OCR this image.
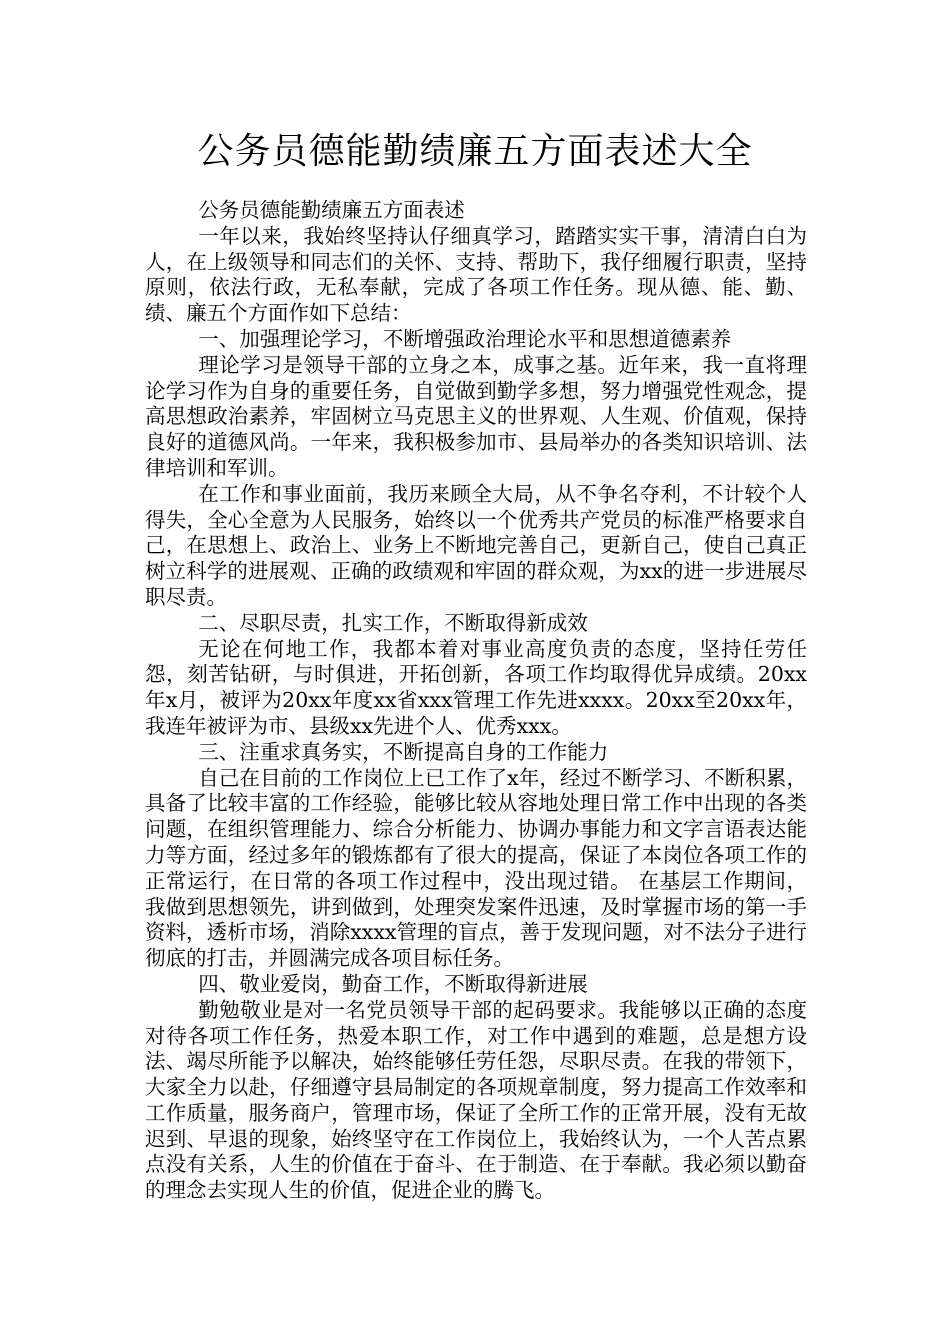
公务员德能勤绩廉五方面表述大全

公务员德能勤绩廉五方面表述

一年以来，我始终坚持认仔细真学习，踏踏实实干事，清清白白为人，在上级领导和同志们的关怀、支持、帮助下，我仔细履行职责，坚持原则，依法行政，无私奉献，完成了各项工作任务。现从德、能、勤、绩、廉五个方面作如下总结：

一、加强理论学习，不断增强政治理论水平和思想道德素养

理论学习是领导干部的立身之本，成事之基。近年来，我一直将理论学习作为自身的重要任务，自觉做到勤学多想，努力增强党性观念，提高思想政治素养，牢固树立马克思主义的世界观、人生观、价值观，保持良好的道德风尚。一年来，我积极参加市、县局举办的各类知识培训、法律培训和军训。

在工作和事业面前，我历来顾全大局，从不争名夺利，不计较个人得失，全心全意为人民服务，始终以一个优秀共产党员的标准严格要求自己，在思想上、政治上、业务上不断地完善自己，更新自己，使自己真正树立科学的进展观、正确的政绩观和牢固的群众观，为xx的进一步进展尽职尽责。

二、尽职尽责，扎实工作，不断取得新成效

无论在何地工作，我都本着对事业高度负责的态度，坚持任劳任怨，刻苦钻研，与时俱进，开拓创新，各项工作均取得优异成绩。20xx年x月，被评为20xx年度xx省xxx管理工作先进xxxx。20xx至20xx年，我连年被评为市、县级xx先进个人、优秀xxx。

三、注重求真务实，不断提高自身的工作能力

自己在目前的工作岗位上已工作了x年，经过不断学习、不断积累，具备了比较丰富的工作经验，能够比较从容地处理日常工作中出现的各类问题，在组织管理能力、综合分析能力、协调办事能力和文字言语表达能力等方面，经过多年的锻炼都有了很大的提高，保证了本岗位各项工作的正常运行，在日常的各项工作过程中，没出现过错。 在基层工作期间，我做到思想领先，讲到做到，处理突发案件迅速，及时掌握市场的第一手资料，透析市场，消除xxxx管理的盲点，善于发现问题，对不法分子进行彻底的打击，并圆满完成各项目标任务。

四、敬业爱岗，勤奋工作，不断取得新进展

勤勉敬业是对一名党员领导干部的起码要求。我能够以正确的态度对待各项工作任务，热爱本职工作，对工作中遇到的难题，总是想方设法、竭尽所能予以解决，始终能够任劳任怨，尽职尽责。在我的带领下，大家全力以赴，仔细遵守县局制定的各项规章制度，努力提高工作效率和工作质量，服务商户，管理市场，保证了全所工作的正常开展，没有无故迟到、早退的现象，始终坚守在工作岗位上，我始终认为，一个人苦点累点没有关系，人生的价值在于奋斗、在于制造、在于奉献。我必须以勤奋的理念去实现人生的价值，促进企业的腾飞。
